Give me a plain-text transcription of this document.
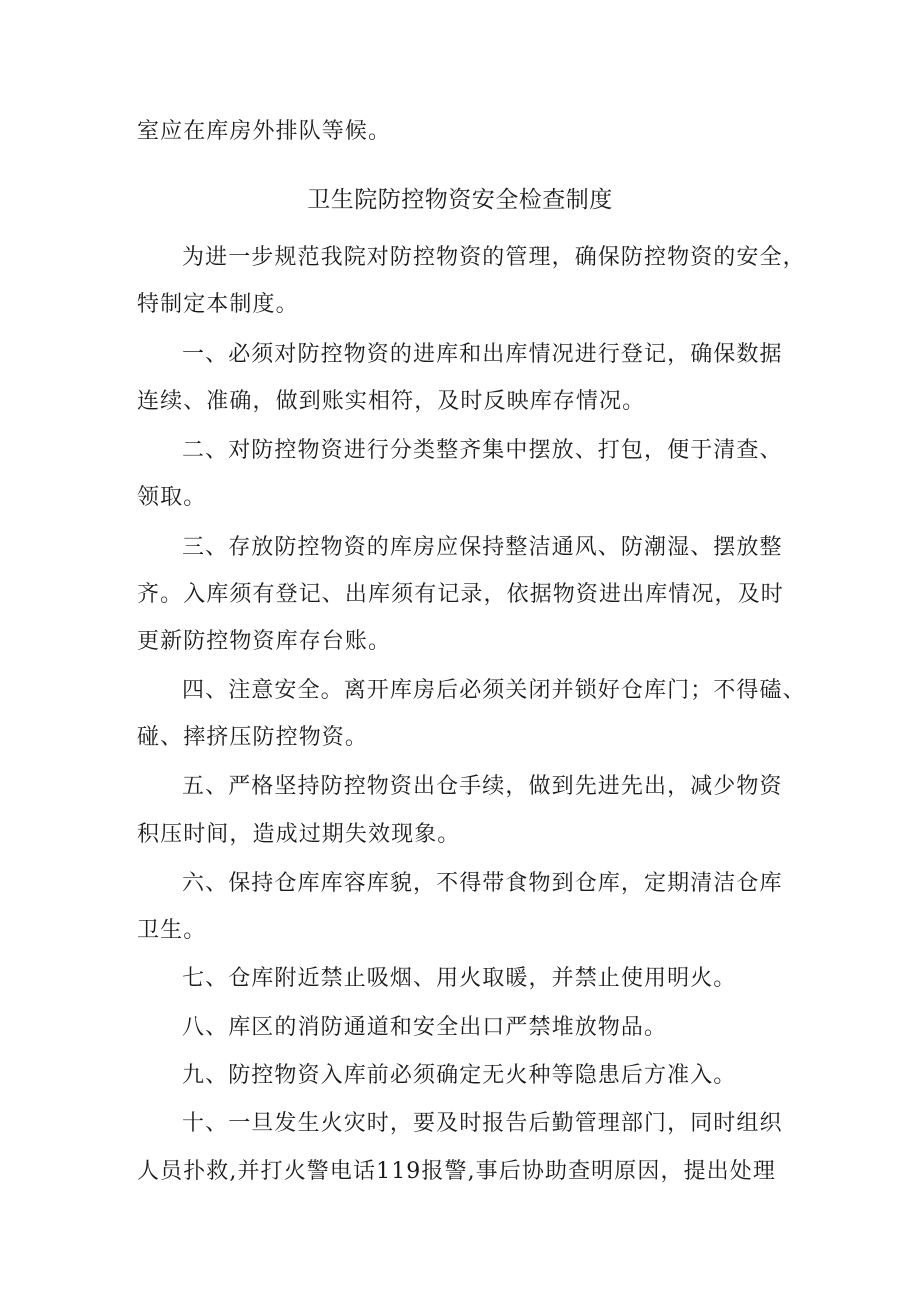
室应在库房外排队等候。
卫生院防控物资安全检查制度
为进一步规范我院对防控物资的管理，确保防控物资的安全，
特制定本制度。
一、必须对防控物资的进库和出库情况进行登记，确保数据
连续、准确，做到账实相符，及时反映库存情况。
二、对防控物资进行分类整齐集中摆放、打包，便于清查、
领取。
三、存放防控物资的库房应保持整洁通风、防潮湿、摆放整
齐。入库须有登记、出库须有记录，依据物资进出库情况，及时
更新防控物资库存台账。
四、注意安全。离开库房后必须关闭并锁好仓库门；不得磕、
碰、摔挤压防控物资。
五、严格坚持防控物资出仓手续，做到先进先出，减少物资
积压时间，造成过期失效现象。
六、保持仓库库容库貌，不得带食物到仓库，定期清洁仓库
卫生。
七、仓库附近禁止吸烟、用火取暖，并禁止使用明火。
八、库区的消防通道和安全出口严禁堆放物品。
九、防控物资入库前必须确定无火种等隐患后方准入。
十、一旦发生火灾时，要及时报告后勤管理部门，同时组织
人员扑救,并打火警电话119报警,事后协助查明原因，提出处理
